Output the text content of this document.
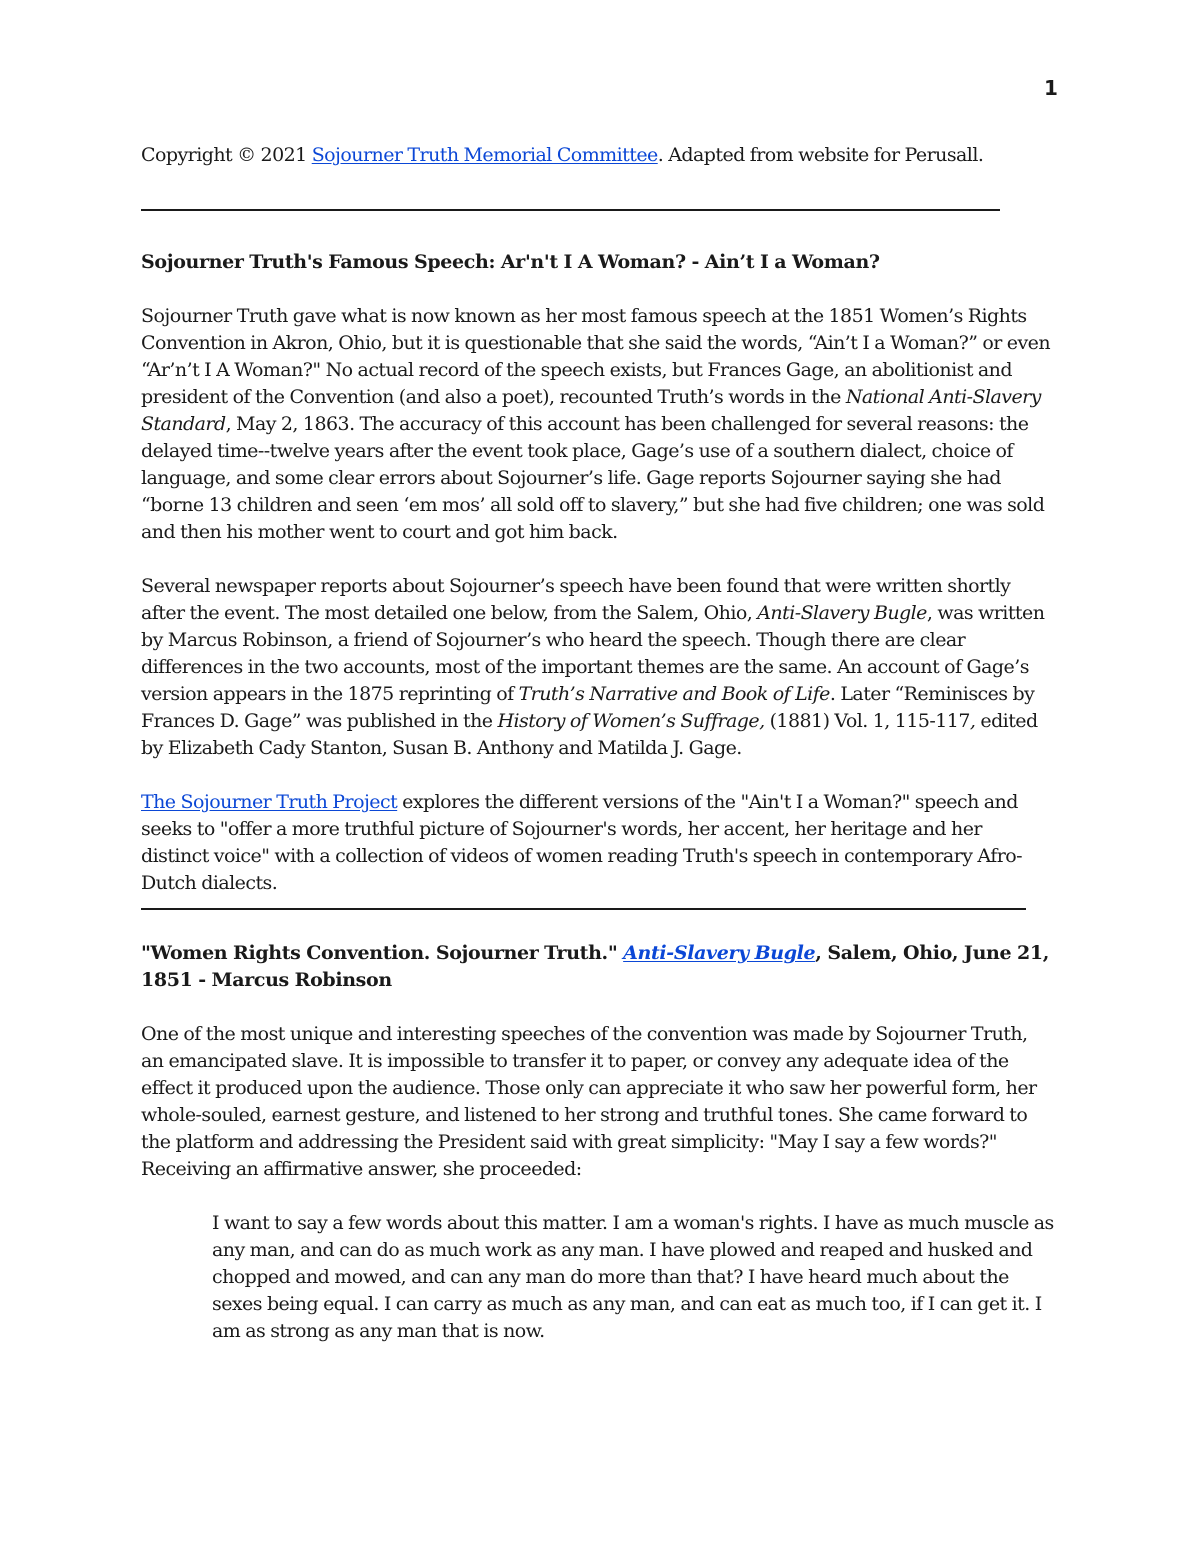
1

Copyright © 2021 Sojourner Truth Memorial Committee. Adapted from website for Perusall.

Sojourner Truth's Famous Speech: Ar'n't I A Woman? - Ain’t I a Woman?

Sojourner Truth gave what is now known as her most famous speech at the 1851 Women’s Rights Convention in Akron, Ohio, but it is questionable that she said the words, “Ain’t I a Woman?” or even “Ar’n’t I A Woman?" No actual record of the speech exists, but Frances Gage, an abolitionist and president of the Convention (and also a poet), recounted Truth’s words in the National Anti-Slavery Standard, May 2, 1863. The accuracy of this account has been challenged for several reasons: the delayed time--twelve years after the event took place, Gage’s use of a southern dialect, choice of language, and some clear errors about Sojourner’s life. Gage reports Sojourner saying she had “borne 13 children and seen ‘em mos’ all sold off to slavery,” but she had five children; one was sold and then his mother went to court and got him back.

Several newspaper reports about Sojourner’s speech have been found that were written shortly after the event. The most detailed one below, from the Salem, Ohio, Anti-Slavery Bugle, was written by Marcus Robinson, a friend of Sojourner’s who heard the speech. Though there are clear differences in the two accounts, most of the important themes are the same. An account of Gage’s version appears in the 1875 reprinting of Truth’s Narrative and Book of Life. Later “Reminisces by Frances D. Gage” was published in the History of Women’s Suffrage, (1881) Vol. 1, 115-117, edited by Elizabeth Cady Stanton, Susan B. Anthony and Matilda J. Gage.

The Sojourner Truth Project explores the different versions of the "Ain't I a Woman?" speech and seeks to "offer a more truthful picture of Sojourner's words, her accent, her heritage and her distinct voice" with a collection of videos of women reading Truth's speech in contemporary Afro-Dutch dialects.

"Women Rights Convention. Sojourner Truth." Anti-Slavery Bugle, Salem, Ohio, June 21, 1851 - Marcus Robinson

One of the most unique and interesting speeches of the convention was made by Sojourner Truth, an emancipated slave. It is impossible to transfer it to paper, or convey any adequate idea of the effect it produced upon the audience. Those only can appreciate it who saw her powerful form, her whole-souled, earnest gesture, and listened to her strong and truthful tones. She came forward to the platform and addressing the President said with great simplicity: "May I say a few words?" Receiving an affirmative answer, she proceeded:

I want to say a few words about this matter. I am a woman's rights. I have as much muscle as any man, and can do as much work as any man. I have plowed and reaped and husked and chopped and mowed, and can any man do more than that? I have heard much about the sexes being equal. I can carry as much as any man, and can eat as much too, if I can get it. I am as strong as any man that is now.
